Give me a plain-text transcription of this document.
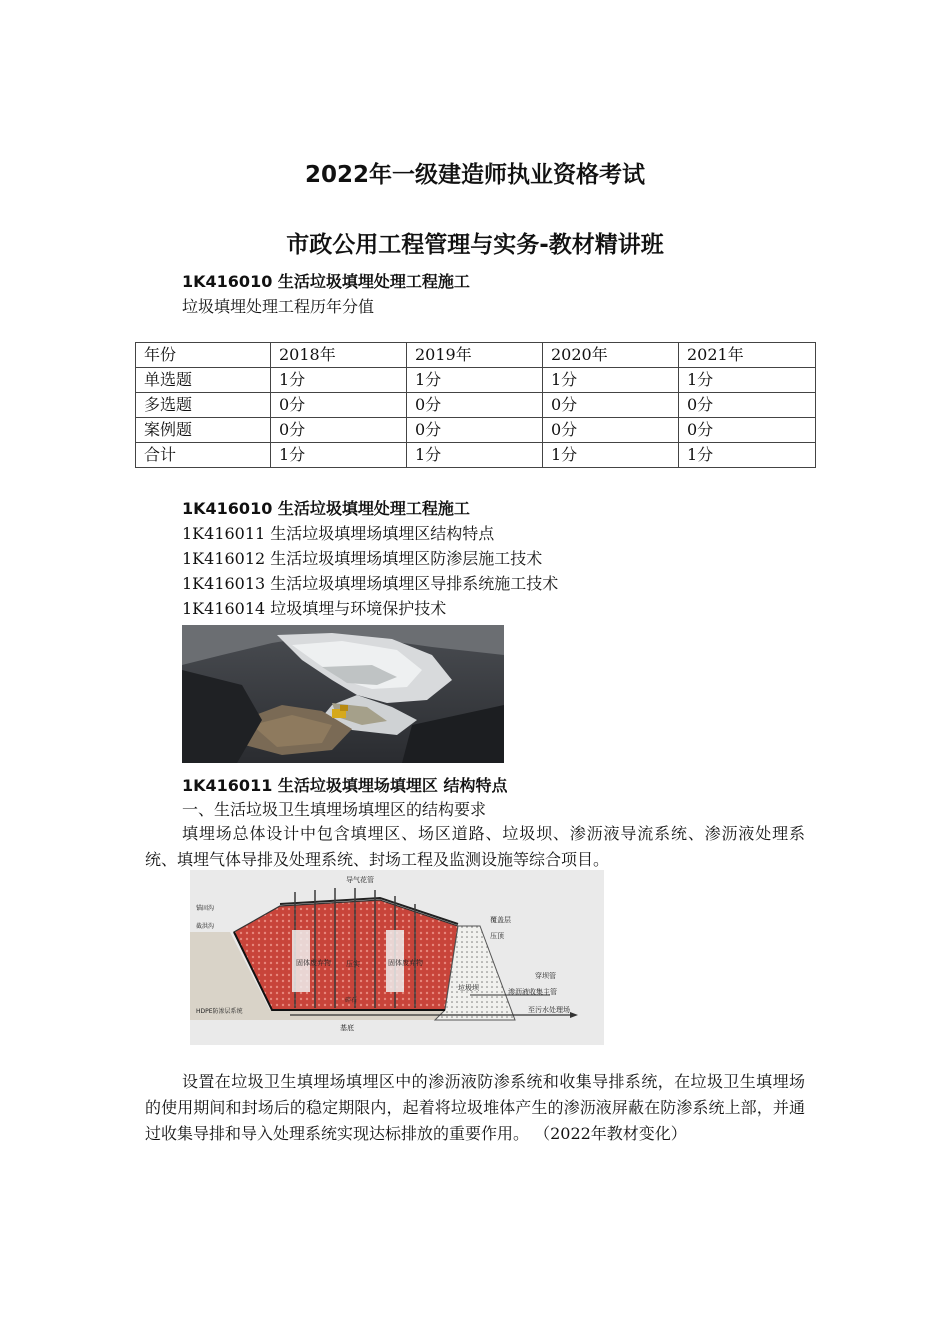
2022年一级建造师执业资格考试
市政公用工程管理与实务-教材精讲班
1K416010 生活垃圾填埋处理工程施工
垃圾填埋处理工程历年分值
年份	2018年	2019年	2020年	2021年
单选题	1分	1分	1分	1分
多选题	0分	0分	0分	0分
案例题	0分	0分	0分	0分
合计	1分	1分	1分	1分
1K416010 生活垃圾填埋处理工程施工
1K416011 生活垃圾填埋场填埋区结构特点
1K416012 生活垃圾填埋场填埋区防渗层施工技术
1K416013 生活垃圾填埋场填埋区导排系统施工技术
1K416014 垃圾填埋与环境保护技术
1K416011 生活垃圾填埋场填埋区 结构特点
一、生活垃圾卫生填埋场填埋区的结构要求
填埋场总体设计中包含填埋区、场区道路、垃圾坝、渗沥液导流系统、渗沥液处理系统、填埋气体导排及处理系统、封场工程及监测设施等综合项目。
导气花管
锚固沟
截洪沟
固体废弃物	固体废弃物
压实
碎石
覆盖层
压顶
垃圾坝
穿坝管
渗沥液收集主管
至污水处理场
HDPE防渗层系统
基底
设置在垃圾卫生填埋场填埋区中的渗沥液防渗系统和收集导排系统，在垃圾卫生填埋场的使用期间和封场后的稳定期限内，起着将垃圾堆体产生的渗沥液屏蔽在防渗系统上部，并通过收集导排和导入处理系统实现达标排放的重要作用。 （2022年教材变化）
